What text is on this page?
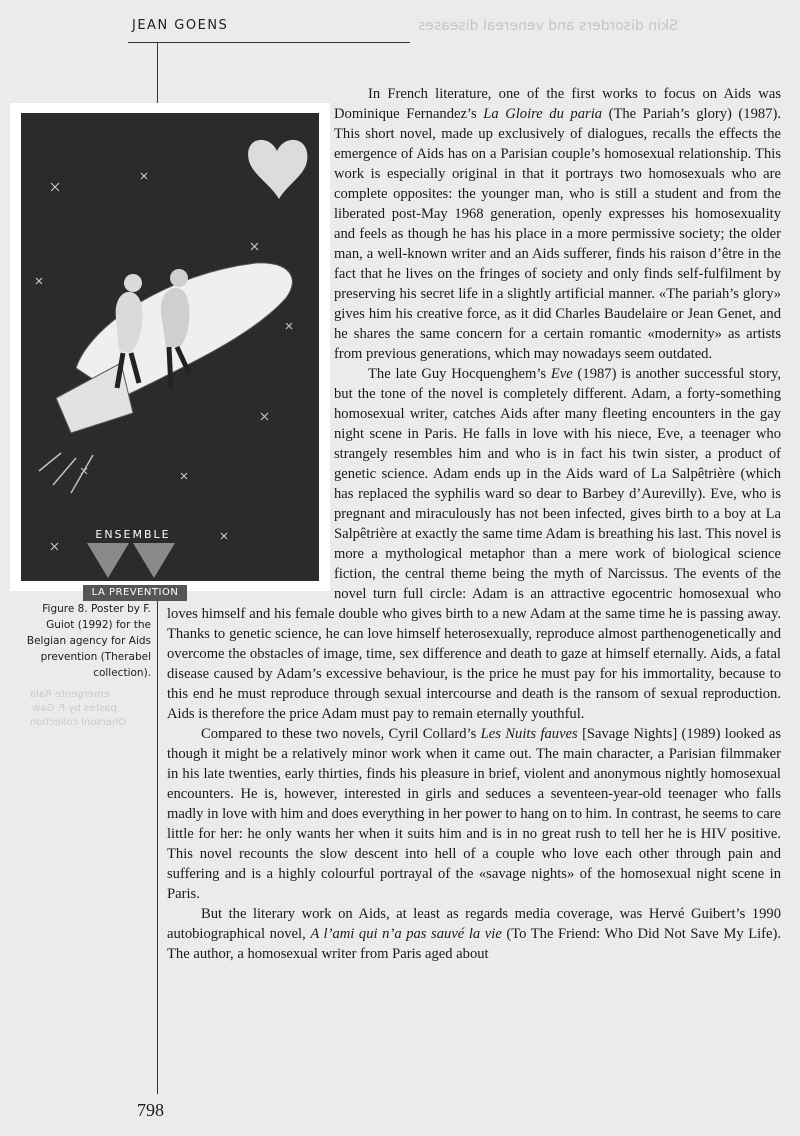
JEAN GOENS	Skin disorders and venereal diseases
ENSEMBLE
LA PREVENTION
Figure 8. Poster by F. Guiot (1992) for the Belgian agency for Aids prevention (Therabel collection).
emergente Rala pastes by P. Gaw. Ohersonl collection

In French literature, one of the first works to focus on Aids was Dominique Fernandez’s La Gloire du paria (The Pariah’s glory) (1987). This short novel, made up exclusively of dialogues, recalls the effects the emergence of Aids has on a Parisian couple’s homosexual relationship. This work is especially original in that it portrays two homosexuals who are complete opposites: the younger man, who is still a student and from the liberated post-May 1968 generation, openly expresses his homosexuality and feels as though he has his place in a more permissive society; the older man, a well-known writer and an Aids sufferer, finds his raison d’être in the fact that he lives on the fringes of society and only finds self-fulfilment by preserving his secret life in a slightly artificial manner. «The pariah’s glory» gives him his creative force, as it did Charles Baudelaire or Jean Genet, and he shares the same concern for a certain romantic «modernity» as artists from previous generations, which may nowadays seem outdated.

The late Guy Hocquenghem’s Eve (1987) is another successful story, but the tone of the novel is completely different. Adam, a forty-something homosexual writer, catches Aids after many fleeting encounters in the gay night scene in Paris. He falls in love with his niece, Eve, a teenager who strangely resembles him and who is in fact his twin sister, a product of genetic science. Adam ends up in the Aids ward of La Salpêtrière (which has replaced the syphilis ward so dear to Barbey d’Aurevilly). Eve, who is pregnant and miraculously has not been infected, gives birth to a boy at La Salpêtrière at exactly the same time Adam is breathing his last. This novel is more a mythological metaphor than a mere work of biological science fiction, the central theme being the myth of Narcissus. The events of the novel turn full circle: Adam is an attractive egocentric homosexual who loves himself and his female double who gives birth to a new Adam at the same time he is passing away. Thanks to genetic science, he can love himself heterosexually, reproduce almost parthenogenetically and overcome the obstacles of image, time, sex difference and death to gaze at himself eternally. Aids, a fatal disease caused by Adam’s excessive behaviour, is the price he must pay for his immortality, because to this end he must reproduce through sexual intercourse and death is the ransom of sexual reproduction. Aids is therefore the price Adam must pay to remain eternally youthful.

Compared to these two novels, Cyril Collard’s Les Nuits fauves [Savage Nights] (1989) looked as though it might be a relatively minor work when it came out. The main character, a Parisian filmmaker in his late twenties, early thirties, finds his pleasure in brief, violent and anonymous nightly homosexual encounters. He is, however, interested in girls and seduces a seventeen-year-old teenager who falls madly in love with him and does everything in her power to hang on to him. In contrast, he seems to care little for her: he only wants her when it suits him and is in no great rush to tell her he is HIV positive. This novel recounts the slow descent into hell of a couple who love each other through pain and suffering and is a highly colourful portrayal of the «savage nights» of the homosexual night scene in Paris.

But the literary work on Aids, at least as regards media coverage, was Hervé Guibert’s 1990 autobiographical novel, A l’ami qui n’a pas sauvé la vie (To The Friend: Who Did Not Save My Life). The author, a homosexual writer from Paris aged about

798
